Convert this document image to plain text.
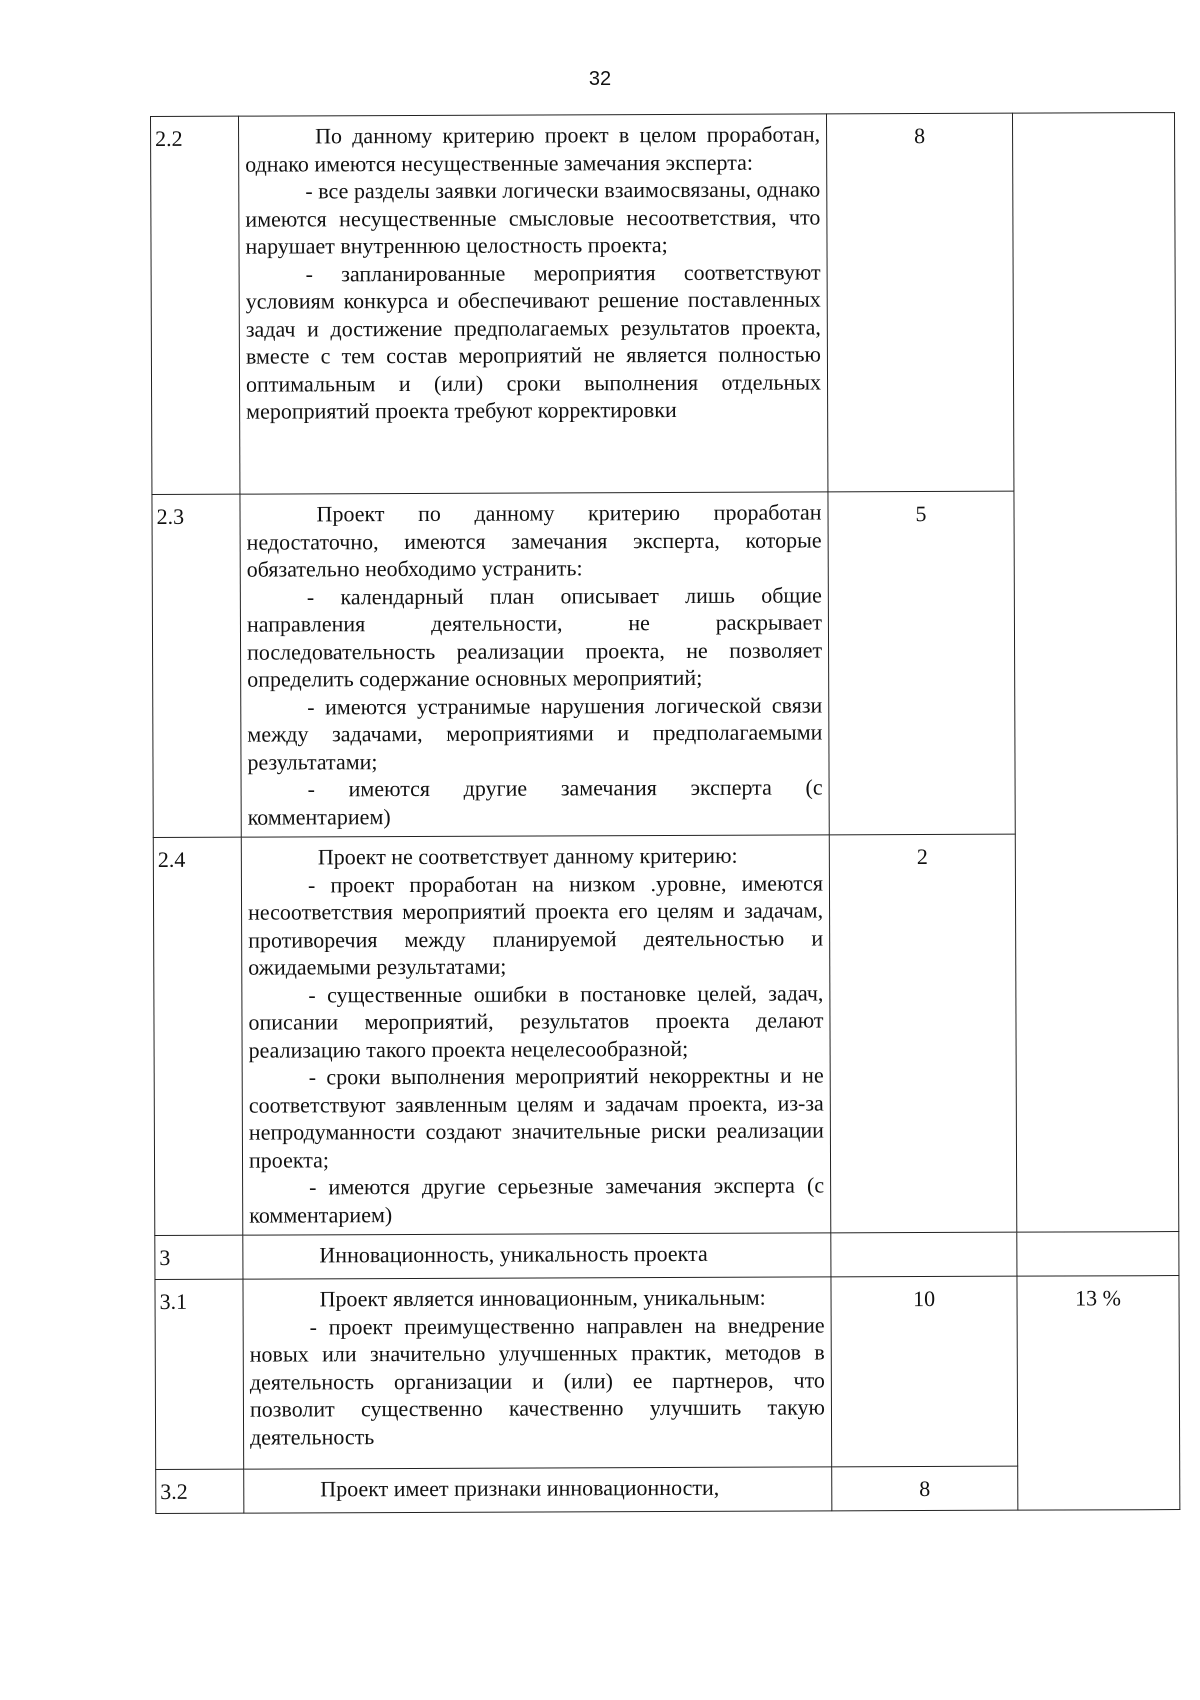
32
2.2	По данному критерию проект в целом проработан, однако имеются несущественные замечания эксперта:

- все разделы заявки логически взаимосвязаны, однако имеются несущественные смысловые несоответствия, что нарушает внутреннюю целостность проекта;

- запланированные мероприятия соответствуют условиям конкурса и обеспечивают решение поставленных задач и достижение предполагаемых результатов проекта, вместе с тем состав мероприятий не является полностью оптимальным и (или) сроки выполнения отдельных мероприятий проекта требуют корректировки	8	
2.3	Проект по данному критерию проработан недостаточно, имеются замечания эксперта, которые обязательно необходимо устранить:

- календарный план описывает лишь общие направления деятельности, не раскрывает последовательность реализации проекта, не позволяет определить содержание основных мероприятий;

- имеются устранимые нарушения логической связи между задачами, мероприятиями и предполагаемыми результатами;

- имеются другие замечания эксперта (с комментарием)	5	
2.4	Проект не соответствует данному критерию:

- проект проработан на низком .уровне, имеются несоответствия мероприятий проекта его целям и задачам, противоречия между планируемой деятельностью и ожидаемыми результатами;

- существенные ошибки в постановке целей, задач, описании мероприятий, результатов проекта делают реализацию такого проекта нецелесообразной;

- сроки выполнения мероприятий некорректны и не соответствуют заявленным целям и задачам проекта, из-за непродуманности создают значительные риски реализации проекта;

- имеются другие серьезные замечания эксперта (с комментарием)	2	
3	Инновационность, уникальность проекта		

3.1	Проект является инновационным, уникальным:

- проект преимущественно направлен на внедрение новых или значительно улучшенных практик, методов в деятельность организации и (или) ее партнеров, что позволит существенно качественно улучшить такую деятельность	10	13 %
3.2	Проект имеет признаки инновационности,	8	
